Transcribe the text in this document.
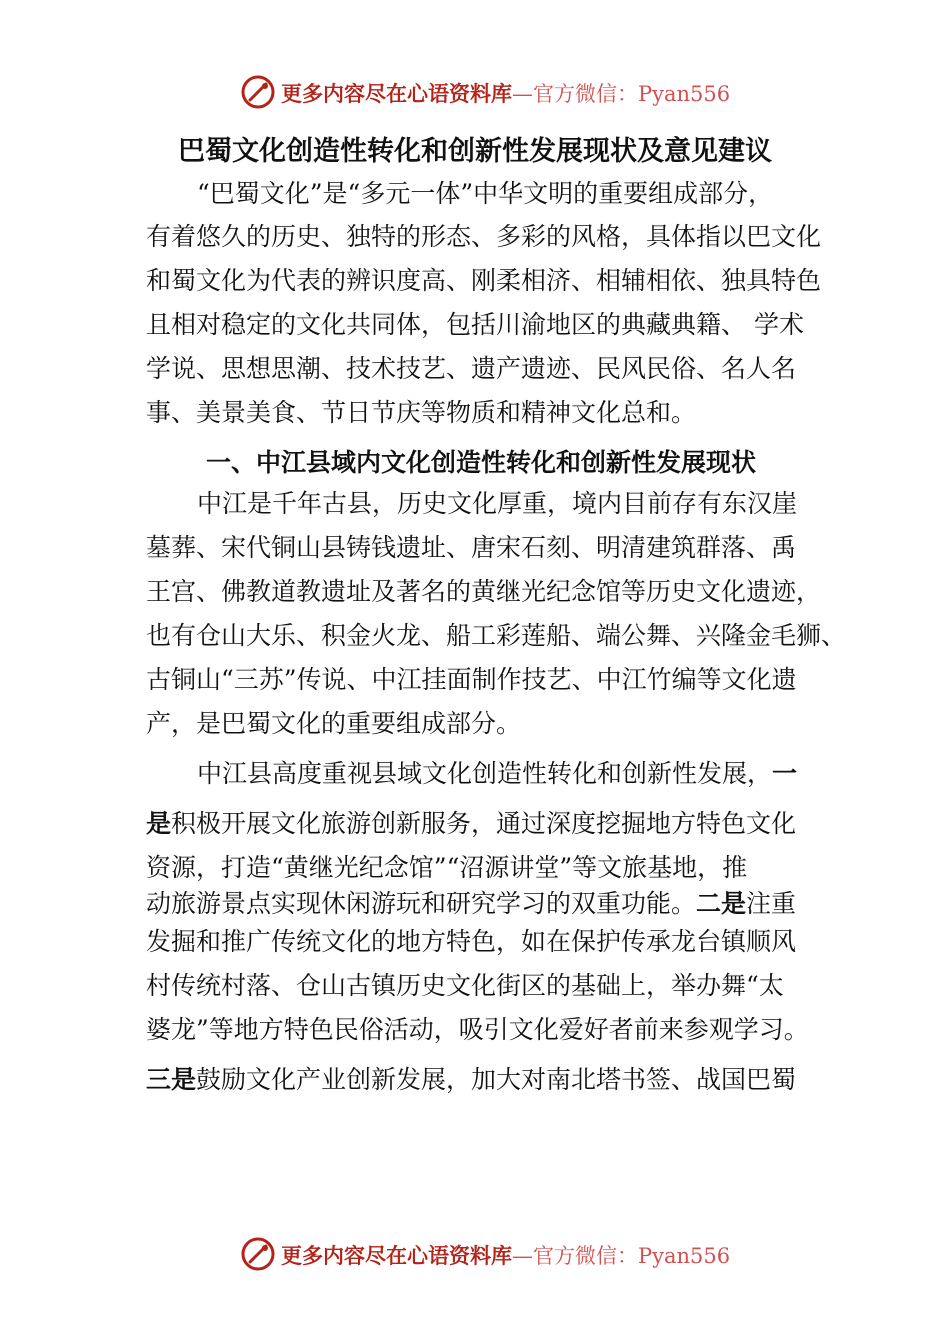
更多内容尽在心语资料库—官方微信：Pyan556
巴蜀文化创造性转化和创新性发展现状及意见建议
“巴蜀文化”是“多元一体”中华文明的重要组成部分，
有着悠久的历史、独特的形态、多彩的风格，具体指以巴文化
和蜀文化为代表的辨识度高、刚柔相济、相辅相依、独具特色
且相对稳定的文化共同体，包括川渝地区的典藏典籍、 学术
学说、思想思潮、技术技艺、遗产遗迹、民风民俗、名人名
事、美景美食、节日节庆等物质和精神文化总和。
一、中江县域内文化创造性转化和创新性发展现状
中江是千年古县，历史文化厚重，境内目前存有东汉崖
墓葬、宋代铜山县铸钱遗址、唐宋石刻、明清建筑群落、禹
王宫、佛教道教遗址及著名的黄继光纪念馆等历史文化遗迹，
也有仓山大乐、积金火龙、船工彩莲船、端公舞、兴隆金毛狮、
古铜山“三苏”传说、中江挂面制作技艺、中江竹编等文化遗
产，是巴蜀文化的重要组成部分。
中江县高度重视县域文化创造性转化和创新性发展，一
是积极开展文化旅游创新服务，通过深度挖掘地方特色文化
资源，打造“黄继光纪念馆”“沼源讲堂”等文旅基地，推
动旅游景点实现休闲游玩和研究学习的双重功能。二是注重
发掘和推广传统文化的地方特色，如在保护传承龙台镇顺风
村传统村落、仓山古镇历史文化街区的基础上，举办舞“太
婆龙”等地方特色民俗活动，吸引文化爱好者前来参观学习。
三是鼓励文化产业创新发展，加大对南北塔书签、战国巴蜀
更多内容尽在心语资料库—官方微信：Pyan556
